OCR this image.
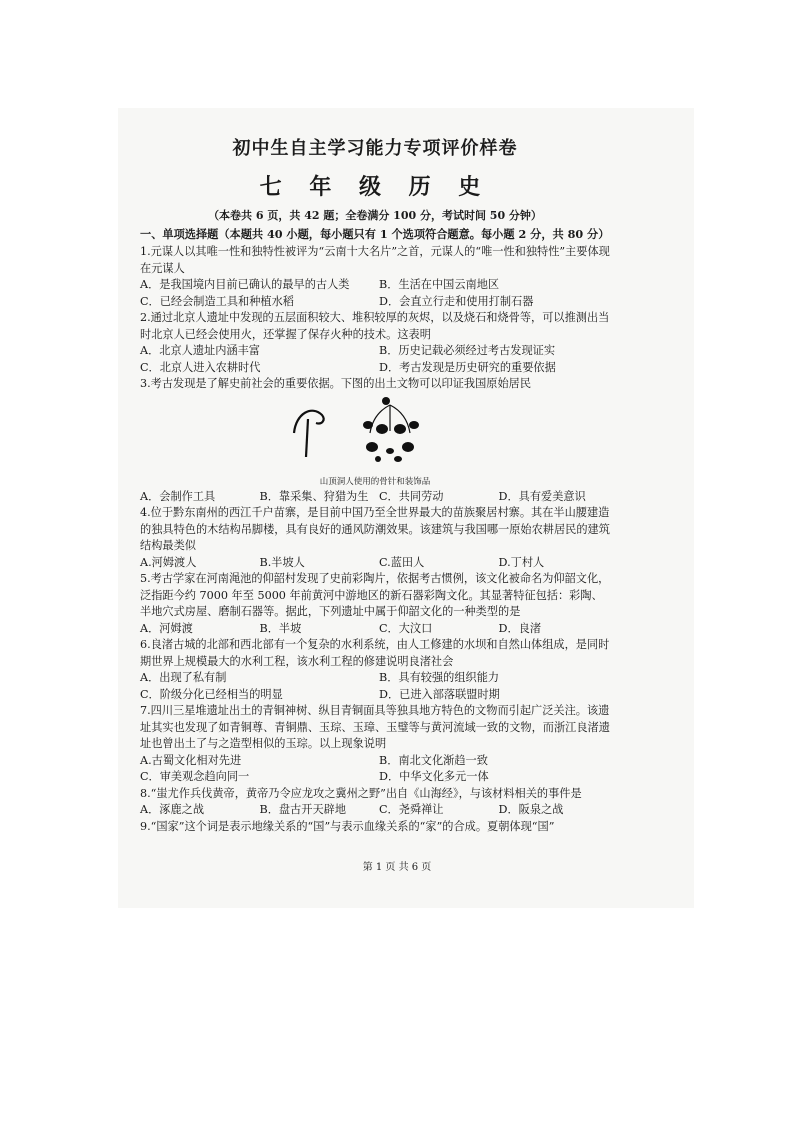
初中生自主学习能力专项评价样卷
七 年 级 历 史
（本卷共 6 页，共 42 题；全卷满分 100 分，考试时间 50 分钟）
一、单项选择题（本题共 40 小题，每小题只有 1 个选项符合题意。每小题 2 分，共 80 分）

1.元谋人以其唯一性和独特性被评为“云南十大名片”之首，元谋人的“唯一性和独特性”主要体现在元谋人

A．是我国境内目前已确认的最早的古人类	B．生活在中国云南地区
C．已经会制造工具和种植水稻	D．会直立行走和使用打制石器

2.通过北京人遗址中发现的五层面积较大、堆积较厚的灰烬，以及烧石和烧骨等，可以推测出当时北京人已经会使用火，还掌握了保存火种的技术。这表明

A．北京人遗址内涵丰富	B．历史记载必须经过考古发现证实
C．北京人进入农耕时代	D．考古发现是历史研究的重要依据

3.考古发现是了解史前社会的重要依据。下图的出土文物可以印证我国原始居民

山顶洞人使用的骨针和装饰品
A．会制作工具	B．靠采集、狩猎为生 C．共同劳动	D．具有爱美意识

4.位于黔东南州的西江千户苗寨，是目前中国乃至全世界最大的苗族聚居村寨。其在半山腰建造的独具特色的木结构吊脚楼，具有良好的通风防潮效果。该建筑与我国哪一原始农耕居民的建筑结构最类似

A.河姆渡人	B.半坡人	C.蓝田人	D.丁村人

5.考古学家在河南渑池的仰韶村发现了史前彩陶片，依据考古惯例，该文化被命名为仰韶文化，泛指距今约 7000 年至 5000 年前黄河中游地区的新石器彩陶文化。其显著特征包括：彩陶、半地穴式房屋、磨制石器等。据此，下列遗址中属于仰韶文化的一种类型的是

A．河姆渡	B．半坡	C．大汶口	D．良渚

6.良渚古城的北部和西北部有一个复杂的水利系统，由人工修建的水坝和自然山体组成，是同时期世界上规模最大的水利工程，该水利工程的修建说明良渚社会

A．出现了私有制	B．具有较强的组织能力
C．阶级分化已经相当的明显	D．已进入部落联盟时期

7.四川三星堆遗址出土的青铜神树、纵目青铜面具等独具地方特色的文物而引起广泛关注。该遗址其实也发现了如青铜尊、青铜鼎、玉琮、玉璋、玉璧等与黄河流域一致的文物，而浙江良渚遗址也曾出土了与之造型相似的玉琮。以上现象说明

A.古蜀文化相对先进	B．南北文化渐趋一致
C．审美观念趋向同一	D．中华文化多元一体

8.“蚩尤作兵伐黄帝，黄帝乃令应龙攻之冀州之野”出自《山海经》，与该材料相关的事件是

A．涿鹿之战	B．盘古开天辟地	C．尧舜禅让	D．阪泉之战

9.“国家”这个词是表示地缘关系的“国”与表示血缘关系的“家”的合成。夏朝体现“国”

第 1 页 共 6 页
